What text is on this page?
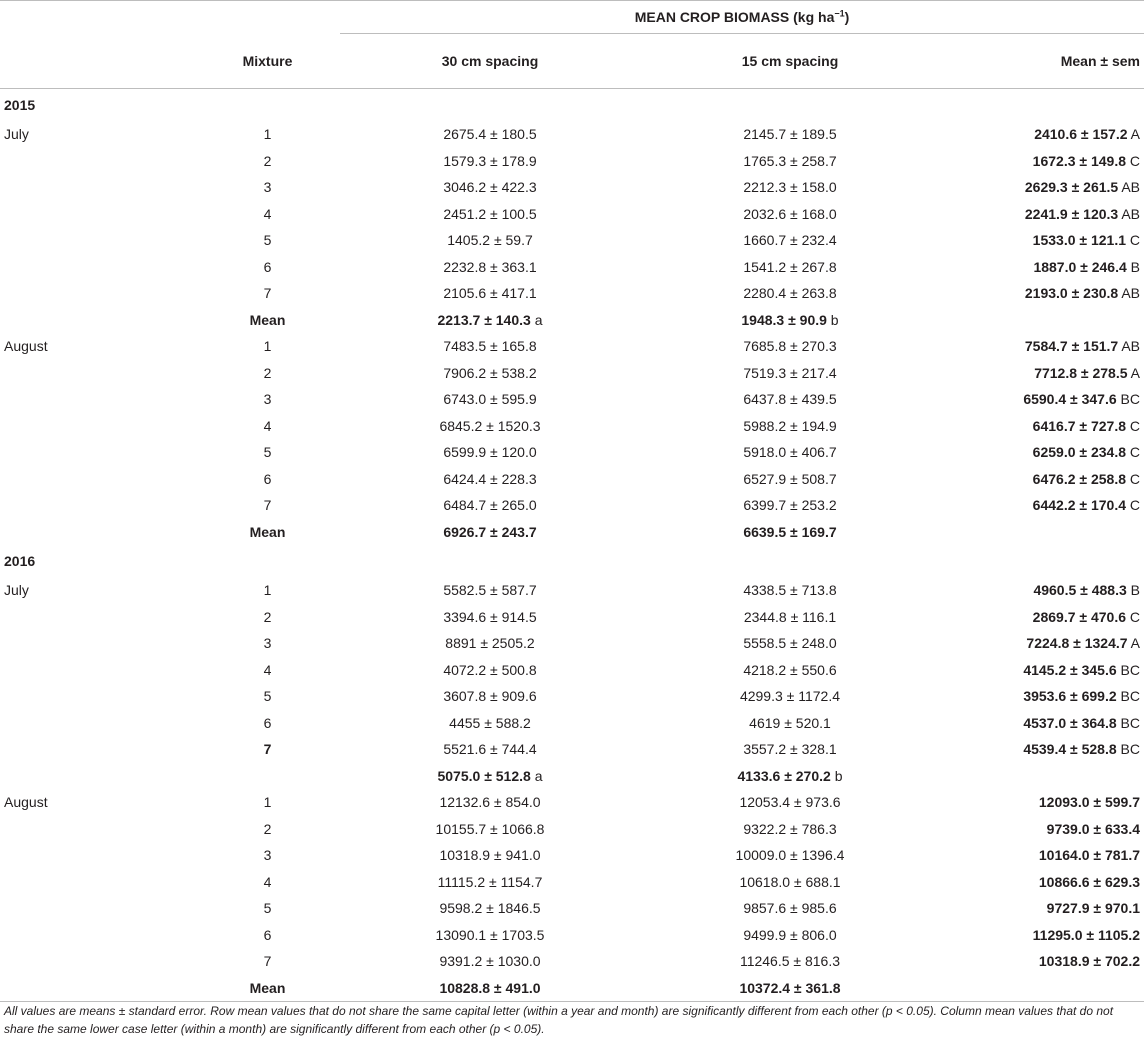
		MEAN CROP BIOMASS (kg $ha^{-1}$)		
	Mixture	30 cm spacing	15 cm spacing	Mean ± sem
2015				
July	1	2675.4 ± 180.5	2145.7 ± 189.5	2410.6 ± 157.2 A
	2	1579.3 ± 178.9	1765.3 ± 258.7	1672.3 ± 149.8 C
	3	3046.2 ± 422.3	2212.3 ± 158.0	2629.3 ± 261.5 AB
	4	2451.2 ± 100.5	2032.6 ± 168.0	2241.9 ± 120.3 AB
	5	1405.2 ± 59.7	1660.7 ± 232.4	1533.0 ± 121.1 C
	6	2232.8 ± 363.1	1541.2 ± 267.8	1887.0 ± 246.4 B
	7	2105.6 ± 417.1	2280.4 ± 263.8	2193.0 ± 230.8 AB
	Mean	2213.7 ± 140.3 a	1948.3 ± 90.9 b	
August	1	7483.5 ± 165.8	7685.8 ± 270.3	7584.7 ± 151.7 AB
	2	7906.2 ± 538.2	7519.3 ± 217.4	7712.8 ± 278.5 A
	3	6743.0 ± 595.9	6437.8 ± 439.5	6590.4 ± 347.6 BC
	4	6845.2 ± 1520.3	5988.2 ± 194.9	6416.7 ± 727.8 C
	5	6599.9 ± 120.0	5918.0 ± 406.7	6259.0 ± 234.8 C
	6	6424.4 ± 228.3	6527.9 ± 508.7	6476.2 ± 258.8 C
	7	6484.7 ± 265.0	6399.7 ± 253.2	6442.2 ± 170.4 C
	Mean	6926.7 ± 243.7	6639.5 ± 169.7	
2016				
July	1	5582.5 ± 587.7	4338.5 ± 713.8	4960.5 ± 488.3 B
	2	3394.6 ± 914.5	2344.8 ± 116.1	2869.7 ± 470.6 C
	3	8891 ± 2505.2	5558.5 ± 248.0	7224.8 ± 1324.7 A
	4	4072.2 ± 500.8	4218.2 ± 550.6	4145.2 ± 345.6 BC
	5	3607.8 ± 909.6	4299.3 ± 1172.4	3953.6 ± 699.2 BC
	6	4455 ± 588.2	4619 ± 520.1	4537.0 ± 364.8 BC
	7	5521.6 ± 744.4	3557.2 ± 328.1	4539.4 ± 528.8 BC
		5075.0 ± 512.8 a	4133.6 ± 270.2 b	
August	1	12132.6 ± 854.0	12053.4 ± 973.6	12093.0 ± 599.7
	2	10155.7 ± 1066.8	9322.2 ± 786.3	9739.0 ± 633.4
	3	10318.9 ± 941.0	10009.0 ± 1396.4	10164.0 ± 781.7
	4	11115.2 ± 1154.7	10618.0 ± 688.1	10866.6 ± 629.3
	5	9598.2 ± 1846.5	9857.6 ± 985.6	9727.9 ± 970.1
	6	13090.1 ± 1703.5	9499.9 ± 806.0	11295.0 ± 1105.2
	7	9391.2 ± 1030.0	11246.5 ± 816.3	10318.9 ± 702.2
	Mean	10828.8 ± 491.0	10372.4 ± 361.8	
All values are means ± standard error. Row mean values that do not share the same capital letter (within a year and month) are significantly different from each other (p < 0.05). Column mean values that do not share the same lower case letter (within a month) are significantly different from each other (p < 0.05).
